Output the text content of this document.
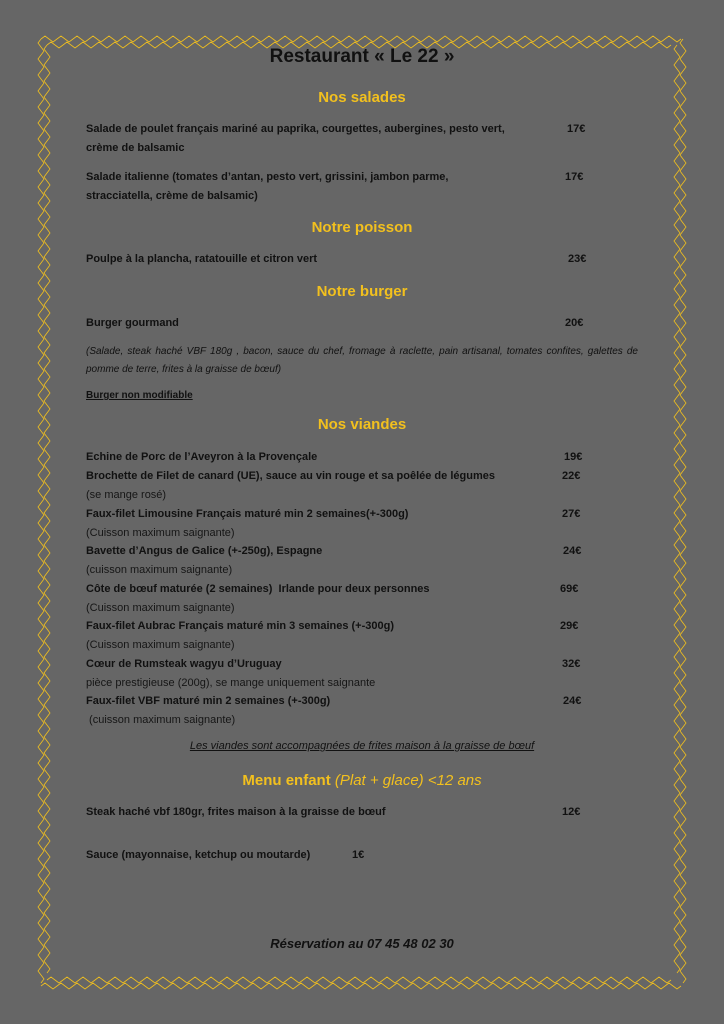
Restaurant « Le 22 »
Nos salades
Salade de poulet français mariné au paprika, courgettes, aubergines, pesto vert,
crème de balsamic
17€
Salade italienne (tomates d’antan, pesto vert, grissini, jambon parme,
stracciatella, crème de balsamic)
17€
Notre poisson
Poulpe à la plancha, ratatouille et citron vert	23€
Notre burger
Burger gourmand	20€

(Salade, steak haché VBF 180g , bacon, sauce du chef, fromage à raclette, pain artisanal, tomates confites, galettes de pomme de terre, frites à la graisse de bœuf)

Burger non modifiable
Nos viandes
Echine de Porc de l’Aveyron à la Provençale	19€
Brochette de Filet de canard (UE), sauce au vin rouge et sa poêlée de légumes	22€
(se mange rosé)
Faux-filet Limousine Français maturé min 2 semaines(+-300g)	27€
(Cuisson maximum saignante)
Bavette d’Angus de Galice (+-250g), Espagne	24€
(cuisson maximum saignante)
Côte de bœuf maturée (2 semaines)  Irlande pour deux personnes	69€
(Cuisson maximum saignante)
Faux-filet Aubrac Français maturé min 3 semaines (+-300g)	29€
(Cuisson maximum saignante)
Cœur de Rumsteak wagyu d’Uruguay	32€
pièce prestigieuse (200g), se mange uniquement saignante
Faux-filet VBF maturé min 2 semaines (+-300g)	24€
(cuisson maximum saignante)
Les viandes sont accompagnées de frites maison à la graisse de bœuf
Menu enfant (Plat + glace) <12 ans
Steak haché vbf 180gr, frites maison à la graisse de bœuf	12€
Sauce (mayonnaise, ketchup ou moutarde)	1€
Réservation au 07 45 48 02 30
